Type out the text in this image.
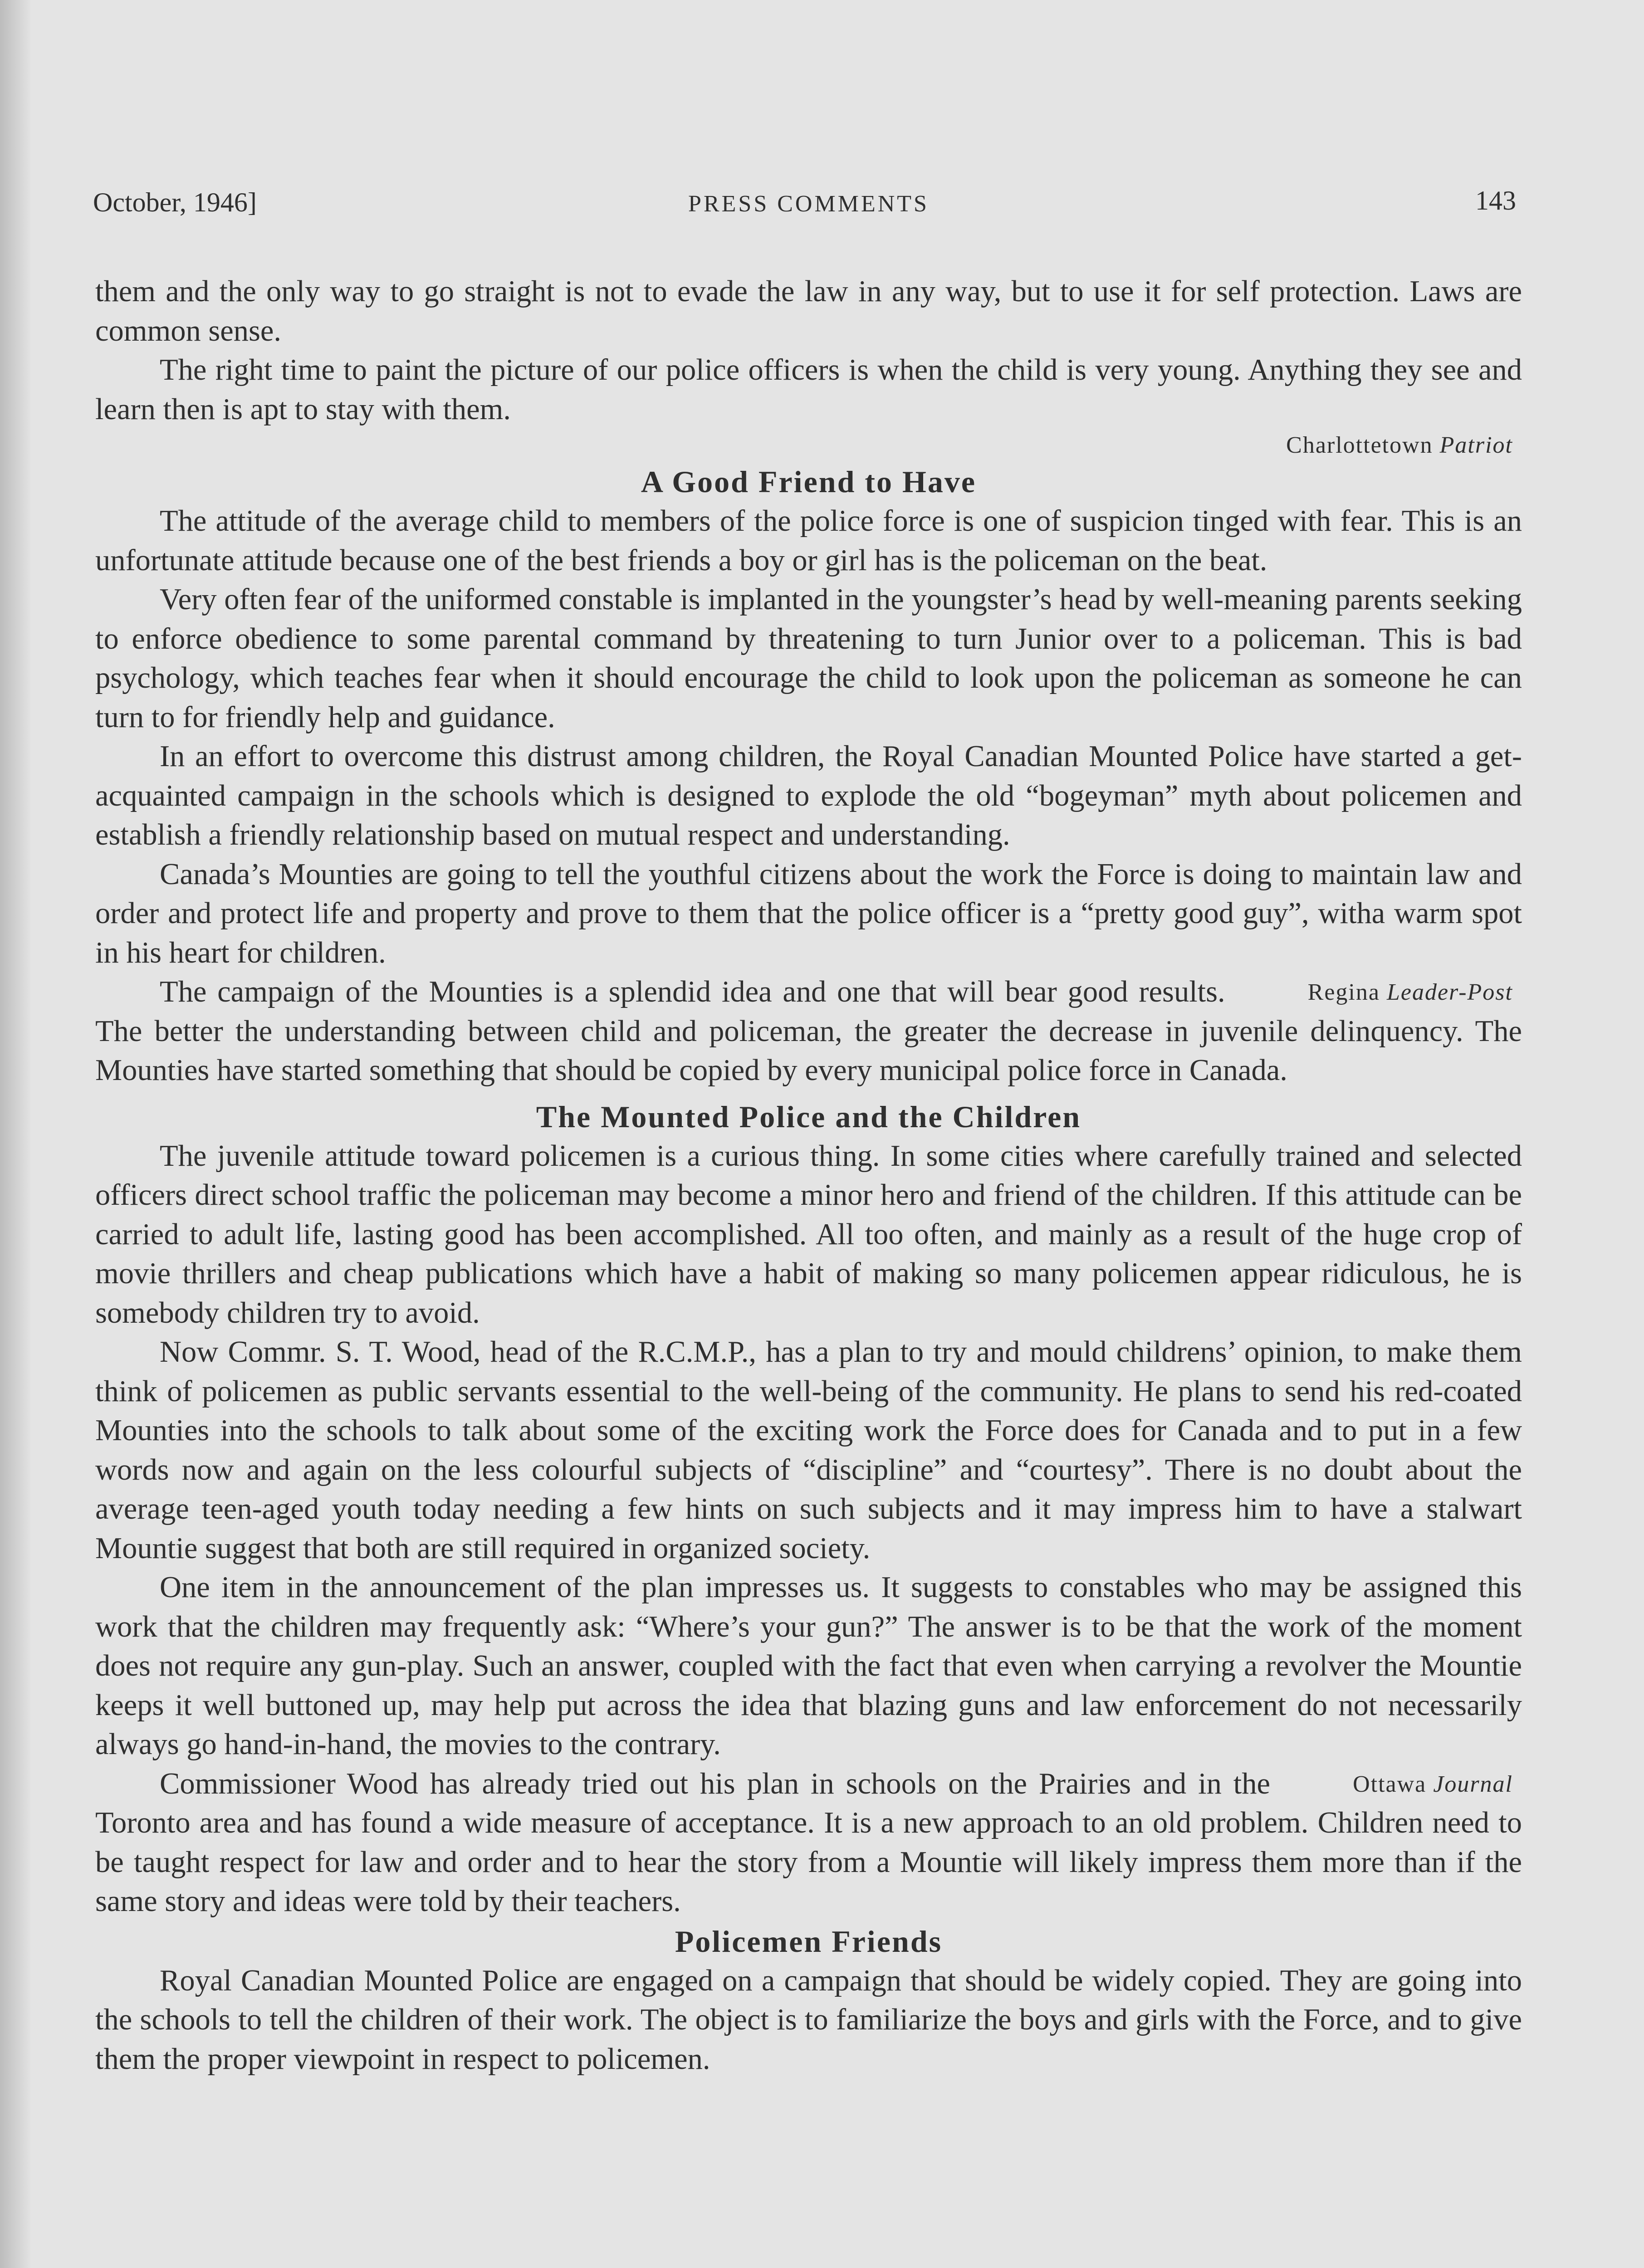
October, 1946]	PRESS COMMENTS	143

them and the only way to go straight is not to evade the law in any way, but to use it for self protection. Laws are common sense.

The right time to paint the picture of our police officers is when the child is very young. Anything they see and learn then is apt to stay with them.

Charlottetown Patriot
A Good Friend to Have

The attitude of the average child to members of the police force is one of suspicion tinged with fear. This is an unfortunate attitude because one of the best friends a boy or girl has is the policeman on the beat.

Very often fear of the uniformed constable is implanted in the youngster’s head by well-meaning parents seeking to enforce obedience to some parental command by threatening to turn Junior over to a policeman. This is bad psychology, which teaches fear when it should encourage the child to look upon the policeman as someone he can turn to for friendly help and guidance.

In an effort to overcome this distrust among children, the Royal Canadian Mounted Police have started a get-acquainted campaign in the schools which is designed to explode the old “bogeyman” myth about policemen and establish a friendly relationship based on mutual respect and understanding.

Canada’s Mounties are going to tell the youthful citizens about the work the Force is doing to maintain law and order and protect life and property and prove to them that the police officer is a “pretty good guy”, witha warm spot in his heart for children.

Regina Leader-Post
The campaign of the Mounties is a splendid idea and one that will bear good results. The better the understanding between child and policeman, the greater the decrease in juvenile delinquency. The Mounties have started something that should be copied by every municipal police force in Canada.

The Mounted Police and the Children

The juvenile attitude toward policemen is a curious thing. In some cities where carefully trained and selected officers direct school traffic the policeman may become a minor hero and friend of the children. If this attitude can be carried to adult life, lasting good has been accomplished. All too often, and mainly as a result of the huge crop of movie thrillers and cheap publications which have a habit of making so many policemen appear ridiculous, he is somebody children try to avoid.

Now Commr. S. T. Wood, head of the R.C.M.P., has a plan to try and mould childrens’ opinion, to make them think of policemen as public servants essential to the well-being of the community. He plans to send his red-coated Mounties into the schools to talk about some of the exciting work the Force does for Canada and to put in a few words now and again on the less colourful subjects of “discipline” and “courtesy”. There is no doubt about the average teen-aged youth today needing a few hints on such subjects and it may impress him to have a stalwart Mountie suggest that both are still required in organized society.

One item in the announcement of the plan impresses us. It suggests to constables who may be assigned this work that the children may frequently ask: “Where’s your gun?” The answer is to be that the work of the moment does not require any gun-play. Such an answer, coupled with the fact that even when carrying a revolver the Mountie keeps it well buttoned up, may help put across the idea that blazing guns and law enforcement do not necessarily always go hand-in-hand, the movies to the contrary.

Ottawa Journal
Commissioner Wood has already tried out his plan in schools on the Prairies and in the Toronto area and has found a wide measure of acceptance. It is a new approach to an old problem. Children need to be taught respect for law and order and to hear the story from a Mountie will likely impress them more than if the same story and ideas were told by their teachers.

Policemen Friends

Royal Canadian Mounted Police are engaged on a campaign that should be widely copied. They are going into the schools to tell the children of their work. The object is to familiarize the boys and girls with the Force, and to give them the proper viewpoint in respect to policemen.
